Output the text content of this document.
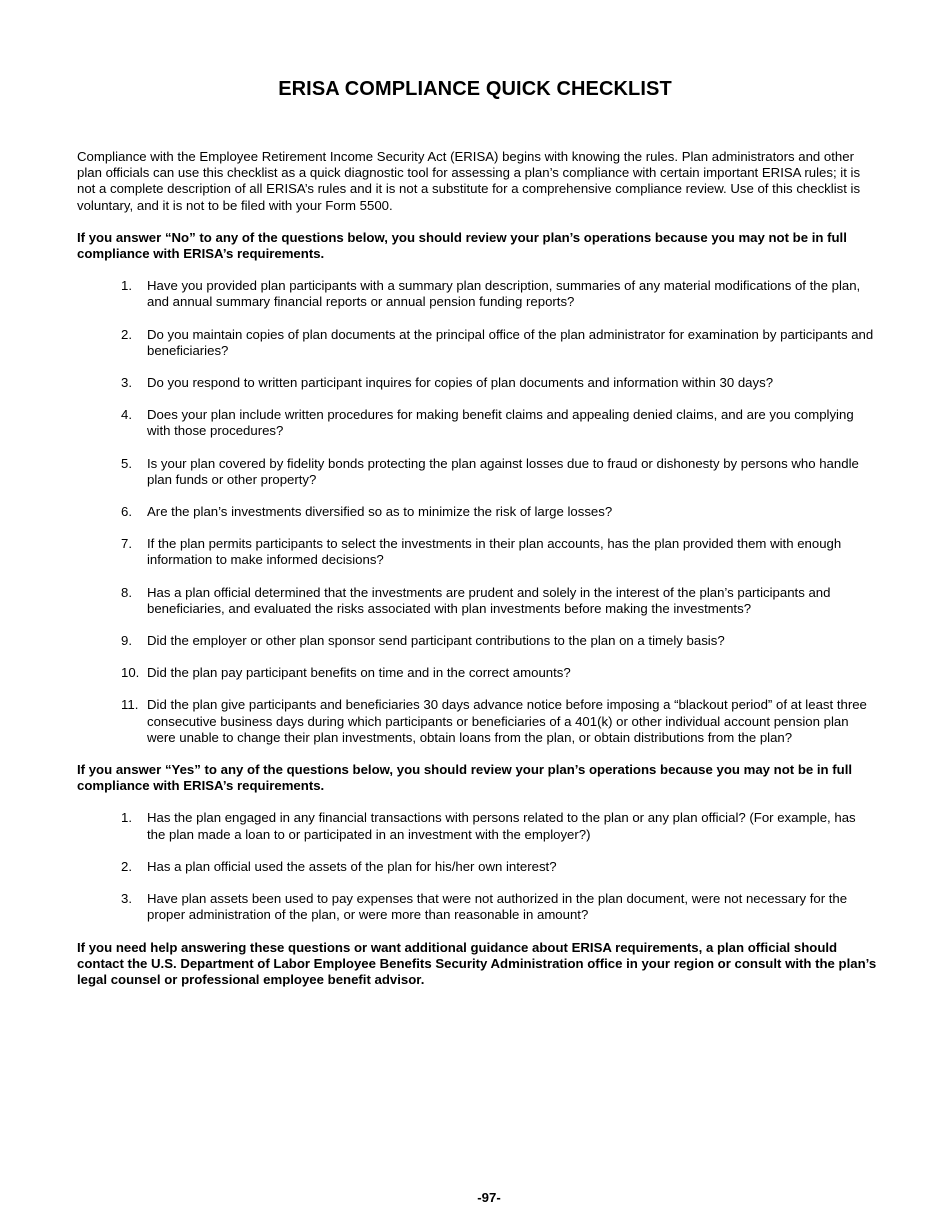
ERISA COMPLIANCE QUICK CHECKLIST

Compliance with the Employee Retirement Income Security Act (ERISA) begins with knowing the rules. Plan administrators and other plan officials can use this checklist as a quick diagnostic tool for assessing a plan’s compliance with certain important ERISA rules; it is not a complete description of all ERISA’s rules and it is not a substitute for a comprehensive compliance review. Use of this checklist is voluntary, and it is not to be filed with your Form 5500.

If you answer “No” to any of the questions below, you should review your plan’s operations because you may not be in full compliance with ERISA’s requirements.

1.	Have you provided plan participants with a summary plan description, summaries of any material modifications of the plan, and annual summary financial reports or annual pension funding reports?
2.	Do you maintain copies of plan documents at the principal office of the plan administrator for examination by participants and beneficiaries?
3.	Do you respond to written participant inquires for copies of plan documents and information within 30 days?
4.	Does your plan include written procedures for making benefit claims and appealing denied claims, and are you complying with those procedures?
5.	Is your plan covered by fidelity bonds protecting the plan against losses due to fraud or dishonesty by persons who handle plan funds or other property?
6.	Are the plan’s investments diversified so as to minimize the risk of large losses?
7.	If the plan permits participants to select the investments in their plan accounts, has the plan provided them with enough information to make informed decisions?
8.	Has a plan official determined that the investments are prudent and solely in the interest of the plan’s participants and beneficiaries, and evaluated the risks associated with plan investments before making the investments?
9.	Did the employer or other plan sponsor send participant contributions to the plan on a timely basis?
10. Did the plan pay participant benefits on time and in the correct amounts?
11. Did the plan give participants and beneficiaries 30 days advance notice before imposing a “blackout period” of at least three consecutive business days during which participants or beneficiaries of a 401(k) or other individual account pension plan were unable to change their plan investments, obtain loans from the plan, or obtain distributions from the plan?

If you answer “Yes” to any of the questions below, you should review your plan’s operations because you may not be in full compliance with ERISA’s requirements.

1.	Has the plan engaged in any financial transactions with persons related to the plan or any plan official? (For example, has the plan made a loan to or participated in an investment with the employer?)
2.	Has a plan official used the assets of the plan for his/her own interest?
3.	Have plan assets been used to pay expenses that were not authorized in the plan document, were not necessary for the proper administration of the plan, or were more than reasonable in amount?

If you need help answering these questions or want additional guidance about ERISA requirements, a plan official should contact the U.S. Department of Labor Employee Benefits Security Administration office in your region or consult with the plan’s legal counsel or professional employee benefit advisor.

-97-
